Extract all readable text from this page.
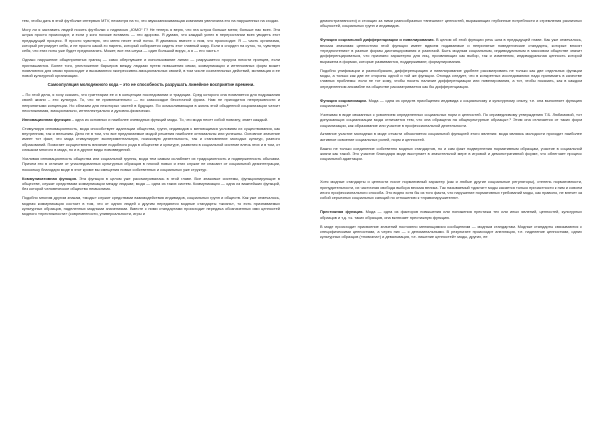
тем, чтобы дать в этой футболке интервью МТV, несмотря на то, что звукозаписывающая компания увеличила его на нарушенных на сходах.

Могу ли я заставить людей носить футболки с надписью „ЮМО“ Г? Не теперь я верю, что эта штука больше меня; больше нас всех. Эта штука просто происходит, и если у кого похоже вставать — это здорово. Я думаю, что каждый успех в переростании всех увидеть этот предыдущий процесс. Я просто чувствую, что меня несет этой поток. Я двигаюсь вместе с ним, что происходит. Я — часть организма, который регулирует себя, и не просто какой-то парень, который собирается сидеть этот главный жару. Если я сгорден на суток, то, чувствую себя, что этих ноты уже будет предполагать. Может, все эта штука — один большой вирус, а я — его часть.»

Однако нарушение общепринятых границ — само обернувшее и использование линии — разрушается проруха юности принцев, если приглашаются. Более того, уничтожение барьеров между людьми путем повышения связи, коммуникации и интенсивных форм может появляются для связи происходит и вызываются экспрессивно-эмоциональных связей, в том числе сознательных действий, мотивация и ее новой культурной организации.

Самоопуляция молодежного кода – это не способность разрушать линейное восприятие времени.

– По этой дела, я хочу сказать, что граттеарии ее и в концепции последовании и традиции. Сред которого она появляется для подражания своей жизни – это культура. То, что не привлекательно — по самоосадке бессточной фрага. Нам не приходится непрерывности и непринятыми концепции. Но сблизим для некоторых частей в будущих. По осмысливающим в жизнь этой обыденной социализации чатсит неостижнимая, эмоционально, интеллектуально и духовно-физически.

Инновационная функция – одна из основных и наиболее очевидных функций моды. То, что мода несет собой новизну, знает каждый.

Стимулируя инновационность, мода способствует адаптации общества, групп, индивидов к меняющимся условиям их существования, как внутренним, так и внешним. Дело не в том, что все предлагаемые модой решения наиболее оптимальны или успешны. Основное значение имеет тот факт, что мода стимулирует экспериментальную, поисковую деятельность, так и становление молодых культур, разного образований. Помогает осуществлять влияние подобного рода в обществе и культуре, развития в социальной системе влечь этих и в том, от слишком многого в мода, но и в другие виды нововведений.

Усиливая инновационность общества или социальной группы, мода тем самым ослабляет их традиционность и подверженность обычаям. Причем это в отличие от унаследованных культурных образцов в плохой новых и этих служат не спасают от социальной дезинтеграции, поскольку благодаря моде в этот кроме вы смещения новых собственных и социальных уже структур.

Коммуникативная функция. Эта функция в целом уже рассматривалась в этой главе. Все знаковые системы, функционирующие в обществе, служат средствами коммуникации между людьми; мода — одна из таких систем. Коммуникация — одна из важнейших функций, без которой человеческое общество немыслимо.

Подобно многим другим знакам, «моды» служит средствами взаимодействия индивидов, социальных групп и обществ. Как уже отмечалось, модная коммуникация состоит в том, что от одних людей к другим передаются модные стандарты «жизнь», то есть признаваемых культурных образцов, наделенных модными значениями. Вместе с ними стандартами происходит передача обозначенных ими ценностей модного «престижности» (современности, универсальности, игры и

демонстративности) и стоящих за ними разнообразных «внешних» ценностей, выражающих глубинные потребности и стремления различных общностей, социальных групп и индивидов.

Функция социальной дифференциации и нивелирования. В целом об этой функции речь шла в предыдущей главе. Как уже отмечалось, весьма значимая ценностная этой функции имеет вдвоем подаваемые и непринятые поведенческие стандарты, которые вносят «предпочтения» в разные формы дистанцирования и различий. Быть модным социальным, индивидуальным в массовом обществе значит дифференцироваться, что признано характерно для лиц, проявляющих как выбор, так и изменения, индивидуальная ценность которой выражена в формах, которые развиваются, поддерживают, формулирования.

Подобно унификации и разнообразию, дифференциацию и нивелирование удобнее рассматривать не только как две отдельных функции моды, а только как две ее стороны одной и той же функции. Отсюда следует, что в конкретных исследованиях надо принимать в качестве главных проблемы: если не тот кому, чтобы носить наличие дифференциации или нивелирования, а тот, чтобы показать, как в каждом определенном ансамбле на обществе рассматривается как бы дифференциация.

Функция социализации. Мода — одна из средств приобщения индивида к социальному и культурному опыту, т.е. она выполняет функцию социализации.⁸

Учитывая в виде связанных с усвоением определенных социальных норм и ценностей. По справедливому утверждению Т.Б. Любимовой, «от допускающих социализации мода отличается тем, что она обращена на общекультурные образцы».⁹ Этим она отличается от таких форм социализации, как образование или участие в профессиональной деятельности.

Активное участие молодежи в моде отчасти объясняется социальной функцией этого явления: мода являясь молодости проходит наиболее активное освоение социальных ролей, норм и ценностей.

Важно не только соединение собственно модных стандартов, но и сам факт подвергнения нормативным образцам, участие в социальной жизни как такой. Это участие благодаря моде выступает в значительной мере в игровой и демонстративной форме, что облегчает процесс социальной адаптации.

Хотя модные стандарты и ценности носят нормативный характер (как и любые другие социальные регуляторы), степень нормативности, принудительности, их частичная свобода выбора весьма велика. Так называемый «диктат» моды касается только причастности к ним и совсем иного профессионального способа. Это видно хотя бы из того факта, что нарушение нормативных требований моды, как правило, не влечет за собой серьезных социальных санкций по отношению к «правонарушителю».

Престижная функция. Мода — одна из факторов повышения или понижения престижа тех или иных явлений, ценностей, культурных образцов и т.д. т.к. таких образцов, она включает престижную функцию.

В моде происходит присвоение значений постоянно меняющимися сообщениям — модным стандартам. Модные стандарты связываются с специфическими ценностями, а через них — с деноминальными. В результате происходит апелляция, т.е. наделение ценностями, одних культурных образцов («новизна») и девальвация, т.е. лишение ценностей» моды, других, ее
